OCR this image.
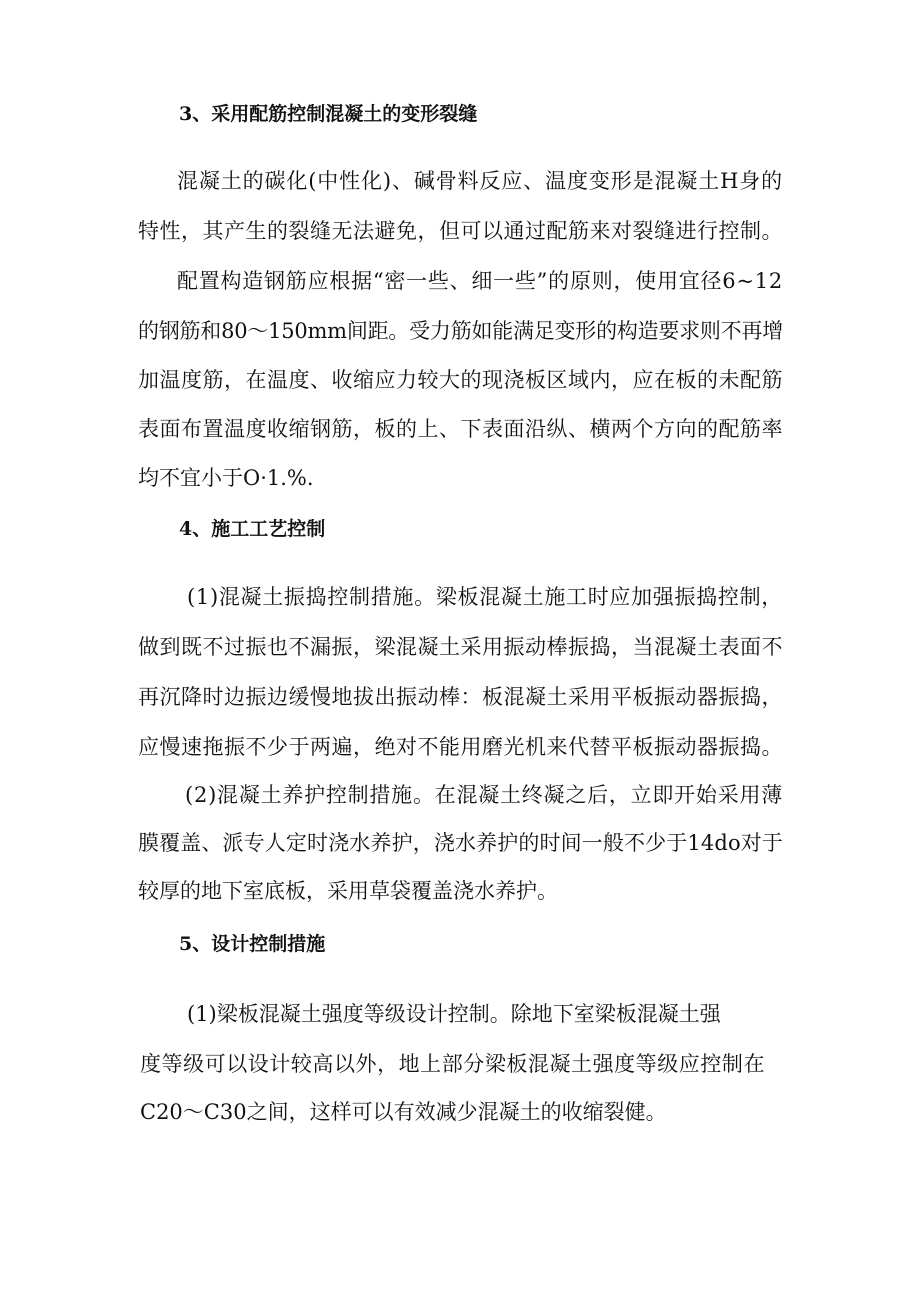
3、采用配筋控制混凝土的变形裂缝

混凝土的碳化(中性化)、碱骨料反应、温度变形是混凝土H身的

特性，其产生的裂缝无法避免，但可以通过配筋来对裂缝进行控制。

配置构造钢筋应根据“密一些、细一些”的原则，使用宜径6~12

的钢筋和80～150mm间距。受力筋如能满足变形的构造要求则不再增

加温度筋，在温度、收缩应力较大的现浇板区域内，应在板的未配筋

表面布置温度收缩钢筋，板的上、下表面沿纵、横两个方向的配筋率

均不宜小于O·1.%.

4、施工工艺控制

(1)混凝土振捣控制措施。梁板混凝土施工时应加强振捣控制，

做到既不过振也不漏振，梁混凝土采用振动棒振捣，当混凝土表面不

再沉降时边振边缓慢地拔出振动棒：板混凝土采用平板振动器振捣，

应慢速拖振不少于两遍，绝对不能用磨光机来代替平板振动器振捣。

(2)混凝土养护控制措施。在混凝土终凝之后，立即开始采用薄

膜覆盖、派专人定时浇水养护，浇水养护的时间一般不少于14do对于

较厚的地下室底板，采用草袋覆盖浇水养护。

5、设计控制措施

(1)梁板混凝土强度等级设计控制。除地下室梁板混凝土强

度等级可以设计较高以外，地上部分梁板混凝土强度等级应控制在

C20～C30之间，这样可以有效减少混凝土的收缩裂健。
